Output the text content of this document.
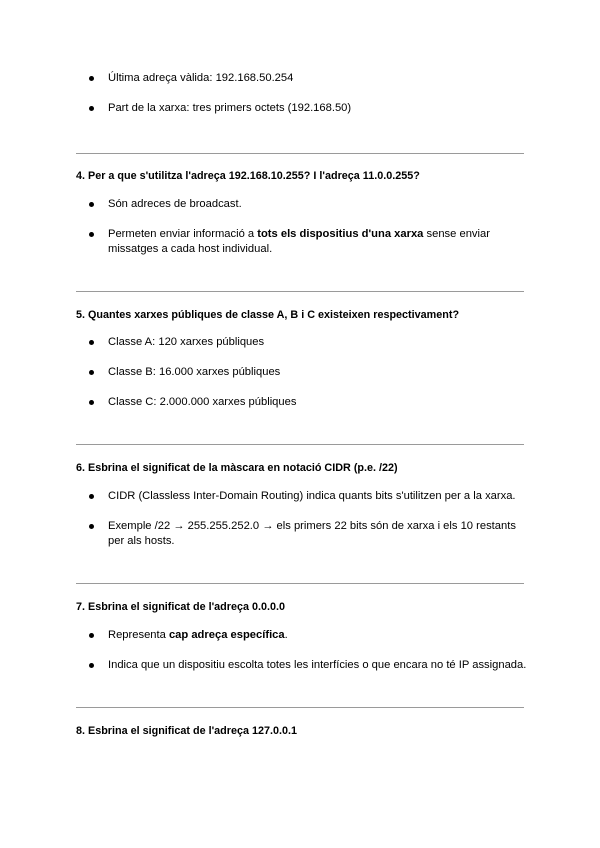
Última adreça vàlida: 192.168.50.254
Part de la xarxa: tres primers octets (192.168.50)
4. Per a que s'utilitza l'adreça 192.168.10.255? I l'adreça 11.0.0.255?
Són adreces de broadcast.
Permeten enviar informació a tots els dispositius d'una xarxa sense enviar missatges a cada host individual.
5. Quantes xarxes públiques de classe A, B i C existeixen respectivament?
Classe A: 120 xarxes públiques
Classe B: 16.000 xarxes públiques
Classe C: 2.000.000 xarxes públiques
6. Esbrina el significat de la màscara en notació CIDR (p.e. /22)
CIDR (Classless Inter-Domain Routing) indica quants bits s'utilitzen per a la xarxa.
Exemple /22 → 255.255.252.0 → els primers 22 bits són de xarxa i els 10 restants per als hosts.
7. Esbrina el significat de l'adreça 0.0.0.0
Representa cap adreça específica.
Indica que un dispositiu escolta totes les interfícies o que encara no té IP assignada.
8. Esbrina el significat de l'adreça 127.0.0.1
